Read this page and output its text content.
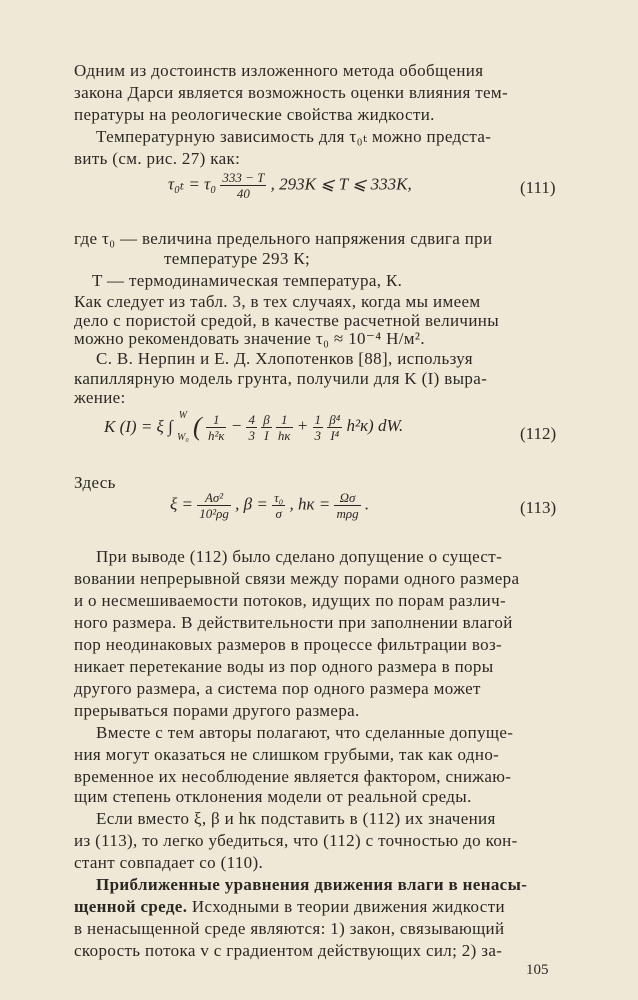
Одним из достоинств изложенного метода обобщения
закона Дарси является возможность оценки влияния тем-
пературы на реологические свойства жидкости.
Температурную зависимость для τ₀ₜ можно предста-
вить (см. рис. 27) как:
$\tau_{0t} = \tau_0 \frac{333 - T}{40}$ , 293K ⩽ T ⩽ 333K,	(111)
где τ₀ — величина предельного напряжения сдвига при
температуре 293 К;
T — термодинамическая температура, К.
Как следует из табл. 3, в тех случаях, когда мы имеем
дело с пористой средой, в качестве расчетной величины
можно рекомендовать значение τ₀ ≈ 10⁻⁴ Н/м².
С. В. Нерпин и Е. Д. Хлопотенков [88], используя
капиллярную модель грунта, получили для K (I) выра-
жение:
K (I) = ξ ∫
W
W₀ ( $\frac{1}{\text{h²к}} - \frac{4}{3}$
$\frac{\beta}{I}$
$\frac{1}{hк} + \frac{1}{3}$
$\frac{\text{β⁴}}{\text{I⁴}} h^2к$) dW.	(112)
Здесь
$\xi = \frac{\text{Aσ²}}{\text{10²ρg}}$ , $\beta = \frac{\text{τ₀}}{\sigma}$ , hк = $\frac{\Omega\sigma}{\text{mρg}}$ .	(113)
При выводе (112) было сделано допущение о сущест-
вовании непрерывной связи между порами одного размера
и о несмешиваемости потоков, идущих по порам различ-
ного размера. В действительности при заполнении влагой
пор неодинаковых размеров в процессе фильтрации воз-
никает перетекание воды из пор одного размера в поры
другого размера, а система пор одного размера может
прерываться порами другого размера.
Вместе с тем авторы полагают, что сделанные допуще-
ния могут оказаться не слишком грубыми, так как одно-
временное их несоблюдение является фактором, снижаю-
щим степень отклонения модели от реальной среды.
Если вместо ξ, β и hк подставить в (112) их значения
из (113), то легко убедиться, что (112) с точностью до кон-
стант совпадает со (110).
Приближенные уравнения движения влаги в ненасы-
щенной среде. Исходными в теории движения жидкости
в ненасыщенной среде являются: 1) закон, связывающий
скорость потока v с градиентом действующих сил; 2) за-
105
